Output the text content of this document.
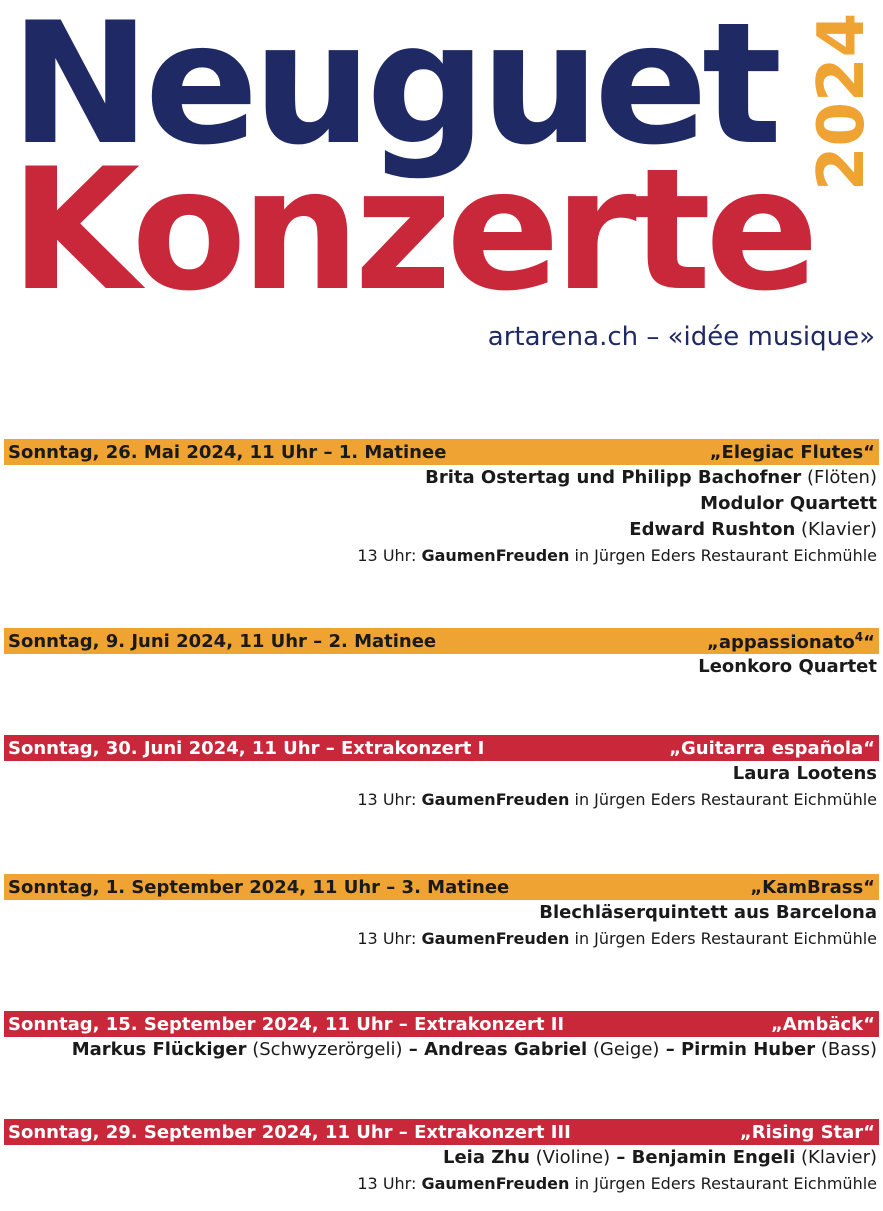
Neuguet
Konzerte
2024
artarena.ch – «idée musique»
Sonntag, 26. Mai 2024, 11 Uhr – 1. Matinee	„Elegiac Flutes“
Brita Ostertag und Philipp Bachofner (Flöten)
Modulor Quartett
Edward Rushton (Klavier)
13 Uhr: GaumenFreuden in Jürgen Eders Restaurant Eichmühle
Sonntag, 9. Juni 2024, 11 Uhr – 2. Matinee	„appassionato$^4$“
Leonkoro Quartet
Sonntag, 30. Juni 2024, 11 Uhr – Extrakonzert I	„Guitarra española“
Laura Lootens
13 Uhr: GaumenFreuden in Jürgen Eders Restaurant Eichmühle
Sonntag, 1. September 2024, 11 Uhr – 3. Matinee	„KamBrass“
Blechläserquintett aus Barcelona
13 Uhr: GaumenFreuden in Jürgen Eders Restaurant Eichmühle
Sonntag, 15. September 2024, 11 Uhr – Extrakonzert II	„Ambäck“
Markus Flückiger (Schwyzerörgeli) – Andreas Gabriel (Geige) – Pirmin Huber (Bass)
Sonntag, 29. September 2024, 11 Uhr – Extrakonzert III	„Rising Star“
Leia Zhu (Violine) – Benjamin Engeli (Klavier)
13 Uhr: GaumenFreuden in Jürgen Eders Restaurant Eichmühle
